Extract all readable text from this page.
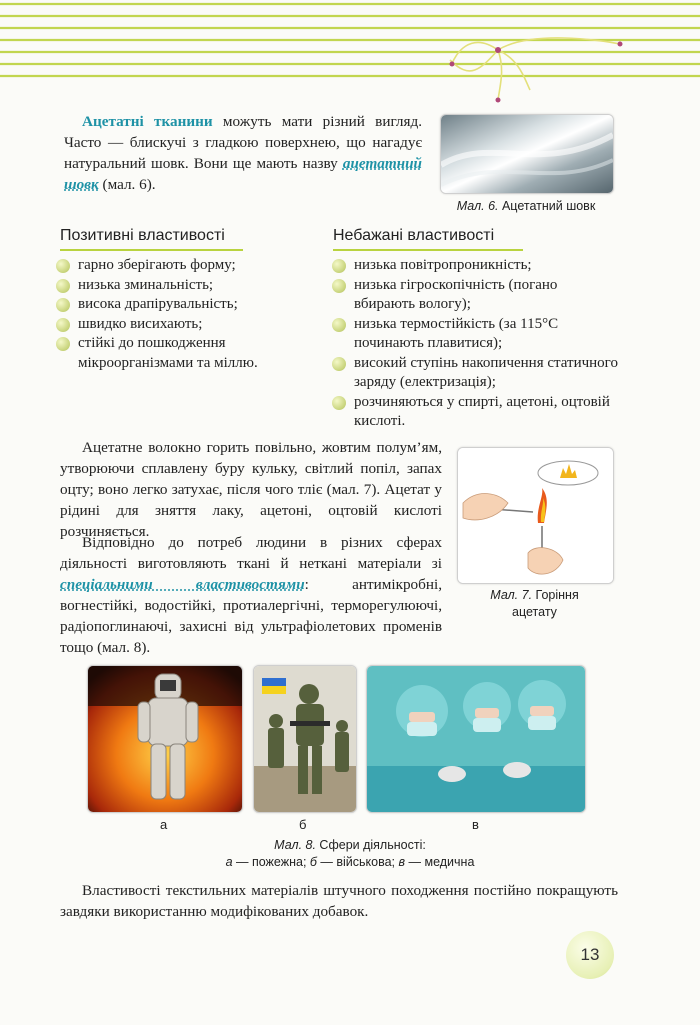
Ацетатні тканини можуть мати різний вигляд. Часто — блискучі з гладкою поверхнею, що нагадує натуральний шовк. Вони ще мають назву ацетатний шовк (мал. 6).

Мал. 6. Ацетатний шовк
Позитивні властивості
гарно зберігають форму;
низька зминальність;
висока драпірувальність;
швидко висихають;
стійкі до пошкодження мікроорганізмами та міллю.
Небажані властивості
низька повітропроникність;
низька гігроскопічність (погано вбирають вологу);
низька термостійкість (за 115°С починають плавитися);
високий ступінь накопичення статичного заряду (електризація);
розчиняються у спирті, ацетоні, оцтовій кислоті.

Ацетатне волокно горить повільно, жовтим полум’ям, утворюючи сплавлену буру кульку, світлий попіл, запах оцту; воно легко затухає, після чого тліє (мал. 7). Ацетат у рідині для зняття лаку, ацетоні, оцтовій кислоті розчиняється.

Відповідно до потреб людини в різних сферах діяльності виготовляють ткані й неткані матеріали зі спеціальними властивостями: антимікробні, вогнестійкі, водостійкі, протиалергічні, терморегулюючі, радіопоглинаючі, захисні від ультрафіолетових променів тощо (мал. 8).

Мал. 7. Горіння ацетату
а	б	в
Мал. 8. Сфери діяльності:
а — пожежна; б — військова; в — медична

Властивості текстильних матеріалів штучного походження постійно покращують завдяки використанню модифікованих добавок.

13
